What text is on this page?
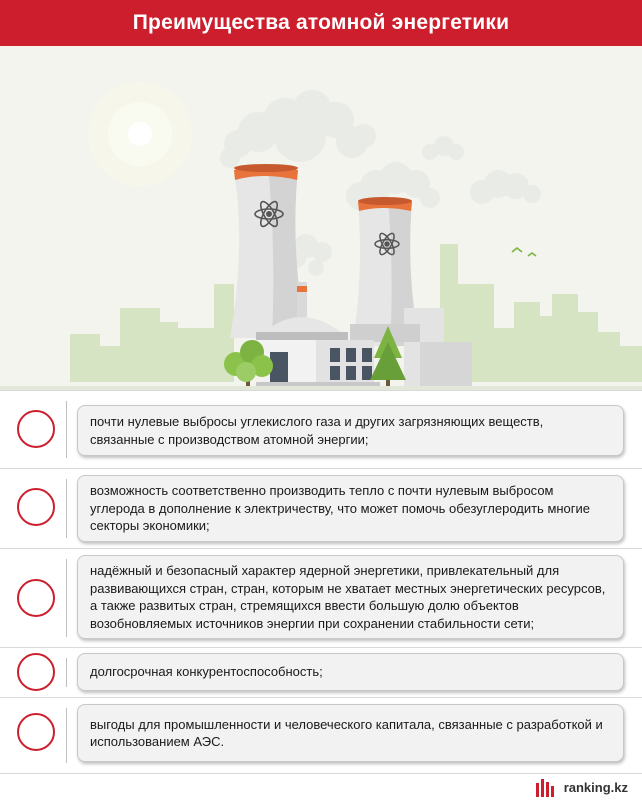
Преимущества атомной энергетики
почти нулевые выбросы углекислого газа и других загрязняющих веществ, связанные с производством атомной энергии;
возможность соответственно производить тепло с почти нулевым выбросом углерода в дополнение к электричеству, что может помочь обезуглеродить многие секторы экономики;
надёжный и безопасный характер ядерной энергетики, привлекательный для развивающихся стран, стран, которым не хватает местных энергетических ресурсов, а также развитых стран, стремящихся ввести большую долю объектов возобновляемых источников энергии при сохранении стабильности сети;
долгосрочная конкурентоспособность;
выгоды для промышленности и человеческого капитала, связанные с разработкой и использованием АЭС.
ranking.kz
